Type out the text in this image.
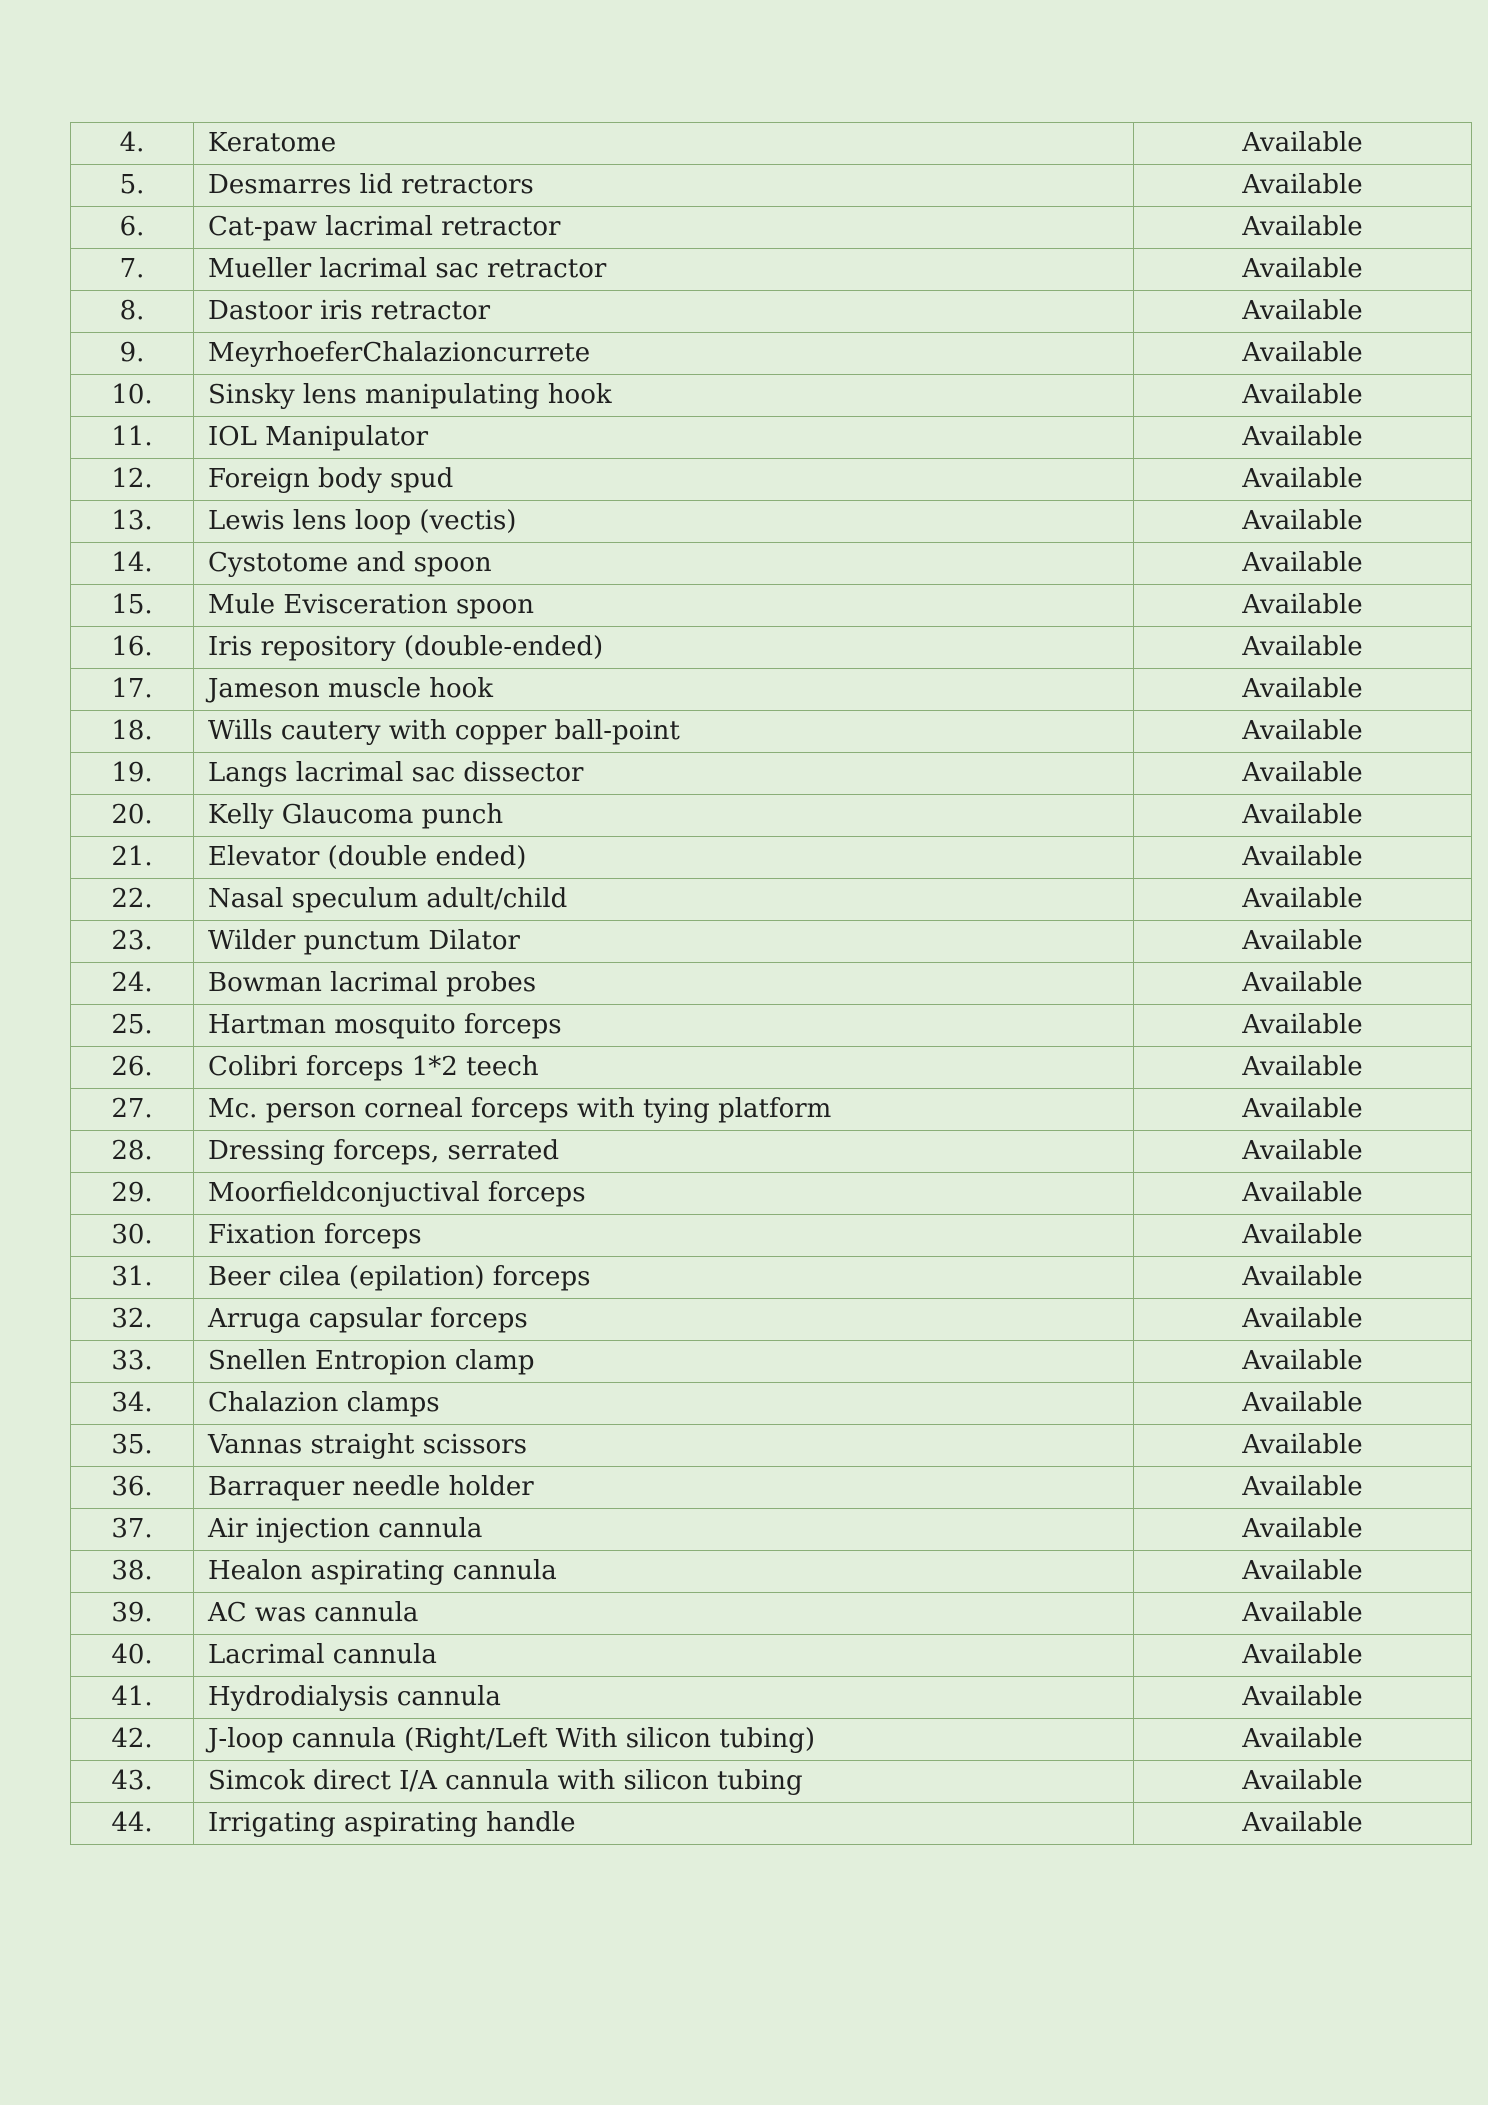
4.	Keratome	Available
5.	Desmarres lid retractors	Available
6.	Cat-paw lacrimal retractor	Available
7.	Mueller lacrimal sac retractor	Available
8.	Dastoor iris retractor	Available
9.	MeyrhoeferChalazioncurrete	Available
10.	Sinsky lens manipulating hook	Available
11.	IOL Manipulator	Available
12.	Foreign body spud	Available
13.	Lewis lens loop (vectis)	Available
14.	Cystotome and spoon	Available
15.	Mule Evisceration spoon	Available
16.	Iris repository (double-ended)	Available
17.	Jameson muscle hook	Available
18.	Wills cautery with copper ball-point	Available
19.	Langs lacrimal sac dissector	Available
20.	Kelly Glaucoma punch	Available
21.	Elevator (double ended)	Available
22.	Nasal speculum adult/child	Available
23.	Wilder punctum Dilator	Available
24.	Bowman lacrimal probes	Available
25.	Hartman mosquito forceps	Available
26.	Colibri forceps 1*2 teech	Available
27.	Mc. person corneal forceps with tying platform	Available
28.	Dressing forceps, serrated	Available
29.	Moorfieldconjuctival forceps	Available
30.	Fixation forceps	Available
31.	Beer cilea (epilation) forceps	Available
32.	Arruga capsular forceps	Available
33.	Snellen Entropion clamp	Available
34.	Chalazion clamps	Available
35.	Vannas straight scissors	Available
36.	Barraquer needle holder	Available
37.	Air injection cannula	Available
38.	Healon aspirating cannula	Available
39.	AC was cannula	Available
40.	Lacrimal cannula	Available
41.	Hydrodialysis cannula	Available
42.	J-loop cannula (Right/Left With silicon tubing)	Available
43.	Simcok direct I/A cannula with silicon tubing	Available
44.	Irrigating aspirating handle	Available
